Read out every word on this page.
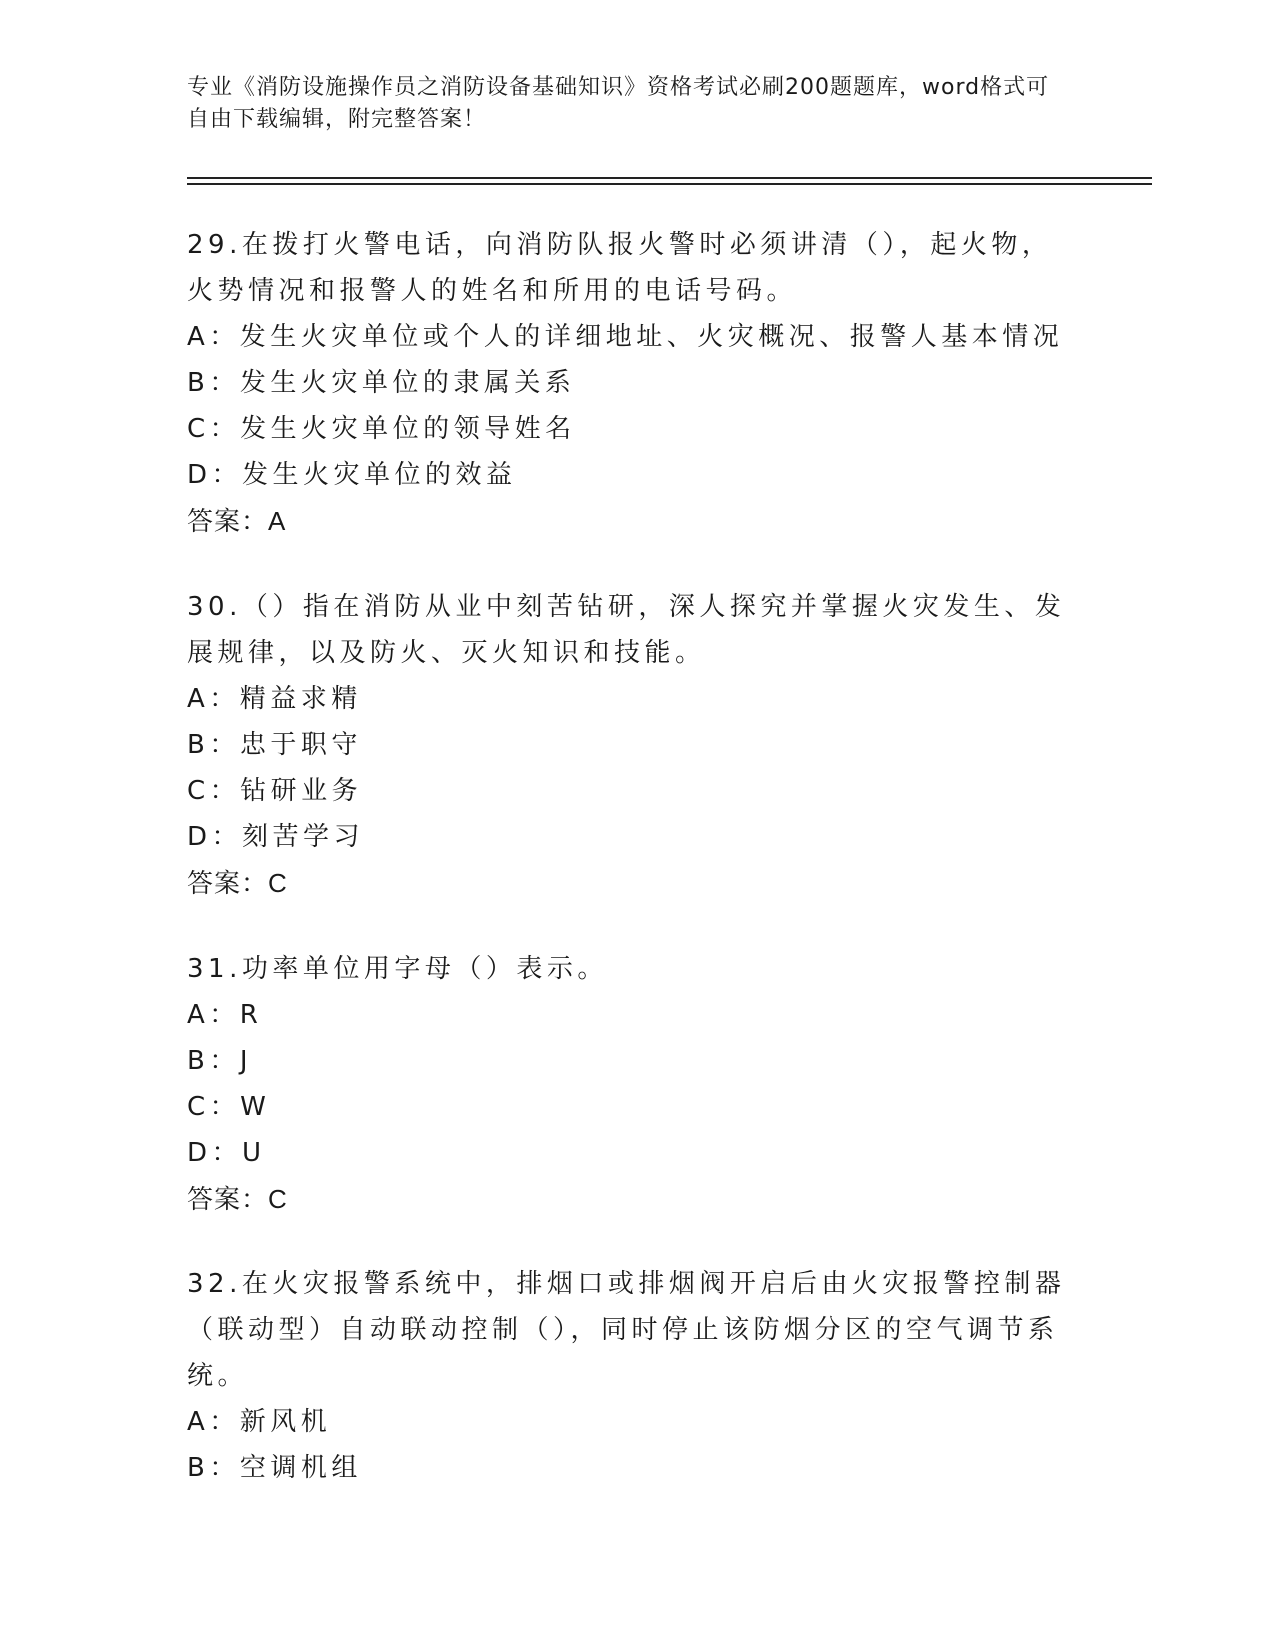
专业《消防设施操作员之消防设备基础知识》资格考试必刷200题题库，word格式可自由下载编辑，附完整答案！

29.在拨打火警电话，向消防队报火警时必须讲清（），起火物，火势情况和报警人的姓名和所用的电话号码。

A：发生火灾单位或个人的详细地址、火灾概况、报警人基本情况
B：发生火灾单位的隶属关系
C：发生火灾单位的领导姓名
D：发生火灾单位的效益
答案：A

30.（）指在消防从业中刻苦钻研，深人探究并掌握火灾发生、发展规律，以及防火、灭火知识和技能。

A：精益求精
B：忠于职守
C：钻研业务
D：刻苦学习
答案：C

31.功率单位用字母（）表示。

A：R
B：J
C：W
D：U
答案：C

32.在火灾报警系统中，排烟口或排烟阀开启后由火灾报警控制器（联动型）自动联动控制（），同时停止该防烟分区的空气调节系统。

A：新风机
B：空调机组
